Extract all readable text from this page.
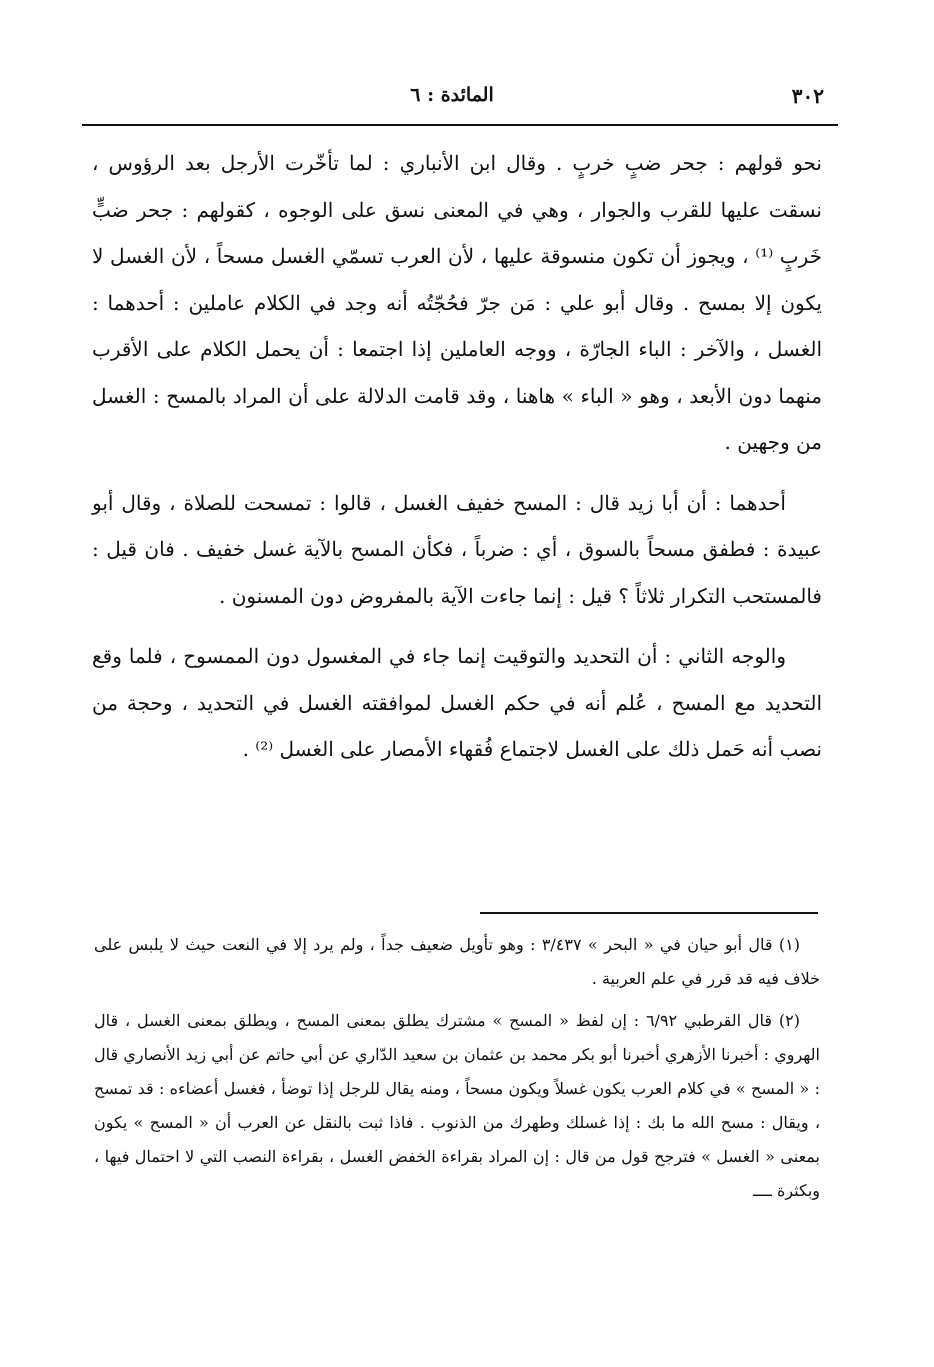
٣٠٢
المائدة : ٦

نحو قولهم : جحر ضبٍ خربٍ . وقال ابن الأنباري : لما تأخّرت الأرجل بعد الرؤوس ، نسقت عليها للقرب والجوار ، وهي في المعنى نسق على الوجوه ، كقولهم : جحر ضبٍّ خَربٍ ⁽¹⁾ ، ويجوز أن تكون منسوقة عليها ، لأن العرب تسمّي الغسل مسحاً ، لأن الغسل لا يكون إلا بمسح . وقال أبو علي : مَن جرّ فحُجّتُه أنه وجد في الكلام عاملين : أحدهما : الغسل ، والآخر : الباء الجارّة ، ووجه العاملين إذا اجتمعا : أن يحمل الكلام على الأقرب منهما دون الأبعد ، وهو « الباء » هاهنا ، وقد قامت الدلالة على أن المراد بالمسح : الغسل من وجهين .

أحدهما : أن أبا زيد قال : المسح خفيف الغسل ، قالوا : تمسحت للصلاة ، وقال أبو عبيدة : فطفق مسحاً بالسوق ، أي : ضرباً ، فكأن المسح بالآية غسل خفيف . فان قيل : فالمستحب التكرار ثلاثاً ؟ قيل : إنما جاءت الآية بالمفروض دون المسنون .

والوجه الثاني : أن التحديد والتوقيت إنما جاء في المغسول دون الممسوح ، فلما وقع التحديد مع المسح ، عُلم أنه في حكم الغسل لموافقته الغسل في التحديد ، وحجة من نصب أنه حَمل ذلك على الغسل لاجتماع فُقهاء الأمصار على الغسل ⁽²⁾ .

(١) قال أبو حيان في « البحر » ٣/٤٣٧ : وهو تأويل ضعيف جداً ، ولم يرد إلا في النعت حيث لا يلبس على خلاف فيه قد قرر في علم العربية .

(٢) قال القرطبي ٦/٩٢ : إن لفظ « المسح » مشترك يطلق بمعنى المسح ، ويطلق بمعنى الغسل ، قال الهروي : أخبرنا الأزهري أخبرنا أبو بكر محمد بن عثمان بن سعيد الدّاري عن أبي حاتم عن أبي زيد الأنصاري قال : « المسح » في كلام العرب يكون غسلاً ويكون مسحاً ، ومنه يقال للرجل إذا توضأ ، فغسل أعضاءه : قد تمسح ، ويقال : مسح الله ما بك : إذا غسلك وطهرك من الذنوب . فاذا ثبت بالنقل عن العرب أن « المسح » يكون بمعنى « الغسل » فترجح قول من قال : إن المراد بقراءة الخفض الغسل ، بقراءة النصب التي لا احتمال فيها ، وبكثرة ــــ
